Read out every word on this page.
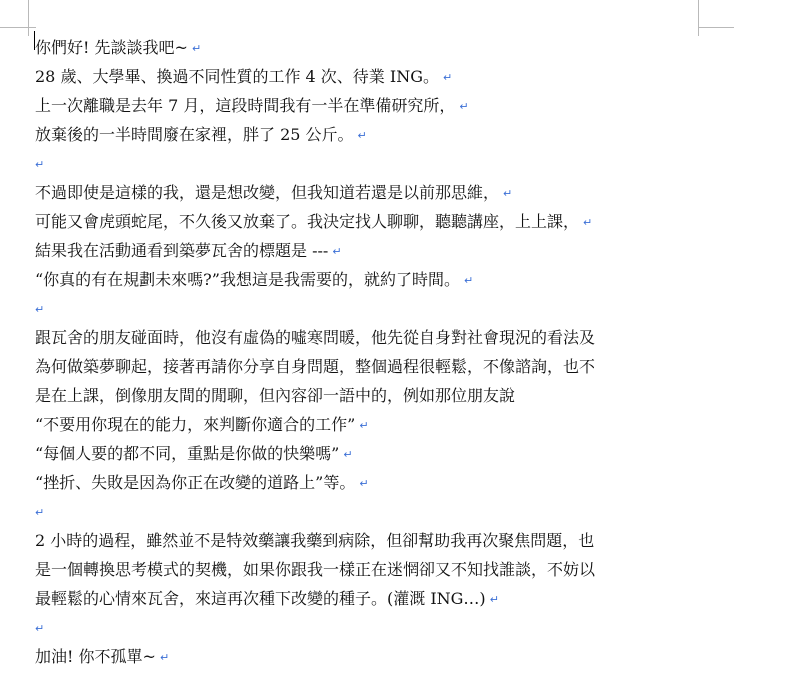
你們好! 先談談我吧~ ↵
28 歲、大學畢、換過不同性質的工作 4 次、待業 ING。 ↵
上一次離職是去年 7 月，這段時間我有一半在準備研究所， ↵
放棄後的一半時間廢在家裡，胖了 25 公斤。 ↵
↵
不過即使是這樣的我，還是想改變，但我知道若還是以前那思維， ↵
可能又會虎頭蛇尾，不久後又放棄了。我決定找人聊聊，聽聽講座，上上課， ↵
結果我在活動通看到築夢瓦舍的標題是 --- ↵
“你真的有在規劃未來嗎?”我想這是我需要的，就約了時間。 ↵
↵
跟瓦舍的朋友碰面時，他沒有虛偽的噓寒問暖，他先從自身對社會現況的看法及
為何做築夢聊起，接著再請你分享自身問題，整個過程很輕鬆，不像諮詢，也不
是在上課，倒像朋友間的閒聊，但內容卻一語中的，例如那位朋友說
“不要用你現在的能力，來判斷你適合的工作” ↵
“每個人要的都不同，重點是你做的快樂嗎” ↵
“挫折、失敗是因為你正在改變的道路上”等。 ↵
↵
2 小時的過程，雖然並不是特效藥讓我藥到病除，但卻幫助我再次聚焦問題，也
是一個轉換思考模式的契機，如果你跟我一樣正在迷惘卻又不知找誰談，不妨以
最輕鬆的心情來瓦舍，來這再次種下改變的種子。(灌溉 ING…) ↵
↵
加油! 你不孤單~ ↵
